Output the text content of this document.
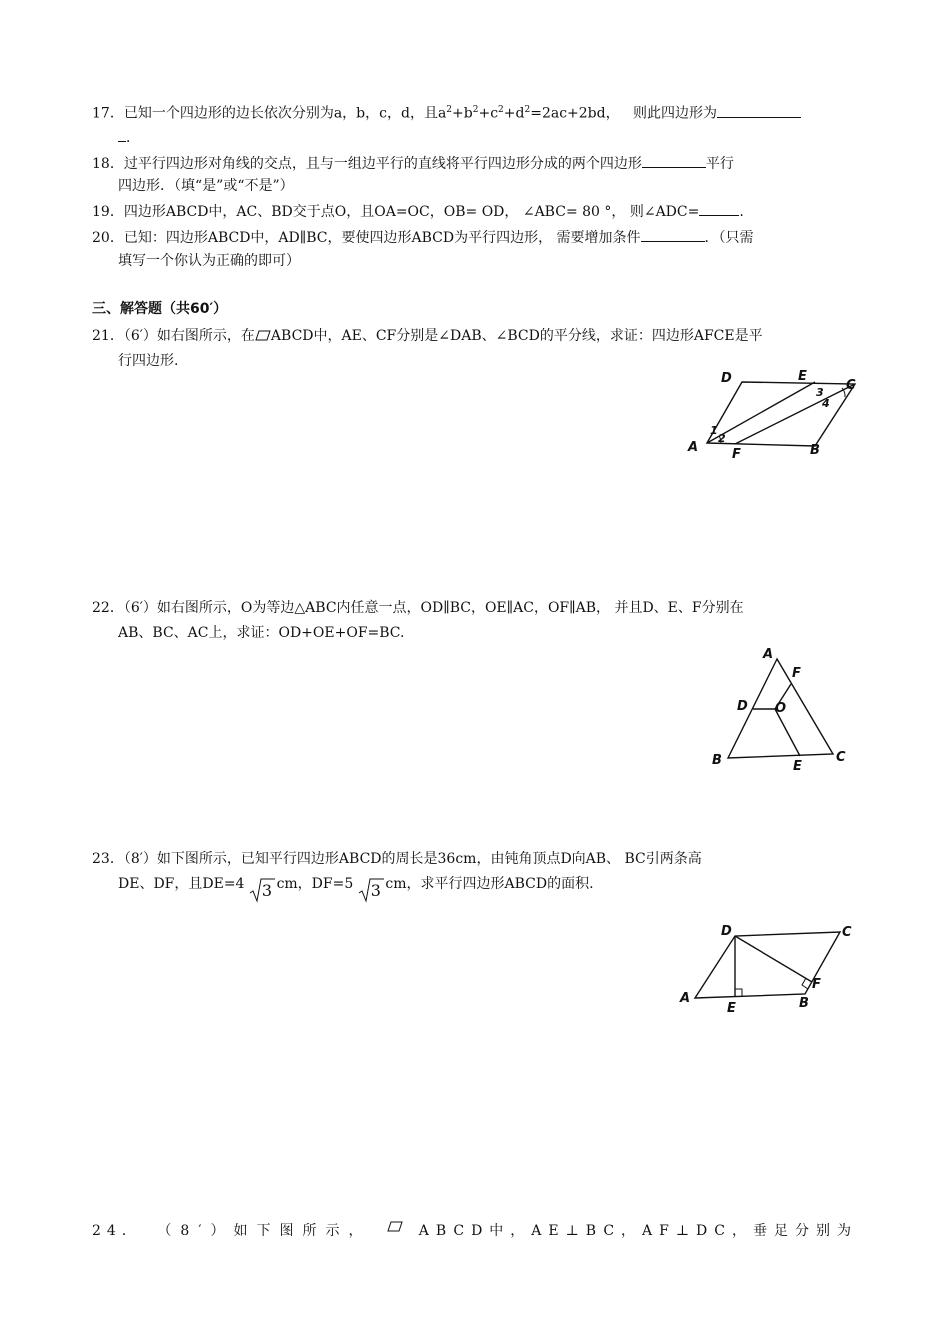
17．已知一个四边形的边长依次分别为a，b，c，d，且$a^2+b^2+c^2+d^2=2ac+2bd$， 则此四边形为
．
18．过平行四边形对角线的交点，且与一组边平行的直线将平行四边形分成的两个四边形	平行
四边形．（填“是”或“不是”）
19．四边形ABCD中，AC、BD交于点O，且OA=OC，OB= OD， ∠ABC= 80 °， 则∠ADC=	.
20．已知：四边形ABCD中，AD∥BC，要使四边形ABCD为平行四边形， 需要增加条件	．（只需
填写一个你认为正确的即可）
三、解答题（共60′）
21．（6′）如右图所示，在 ABCD中，AE、CF分别是∠DAB、∠BCD的平分线，求证：四边形AFCE是平
行四边形.
D	E
C
3
4
1
2
A	F	B
22．（6′）如右图所示，O为等边△ABC内任意一点，OD∥BC，OE∥AC，OF∥AB， 并且D、E、F分别在
AB、BC、AC上，求证：OD+OE+OF=BC.
A
F
D O
B	C
E
23．（8′）如下图所示，已知平行四边形ABCD的周长是36cm，由钝角顶点D向AB、 BC引两条高
DE、DF，且DE=4 3 cm，DF=5 3 cm，求平行四边形ABCD的面积.
D	C
F
A
E	B
24． （8′）如下图所示，	ABCD中，AE⊥BC，AF⊥DC，垂足分别为
